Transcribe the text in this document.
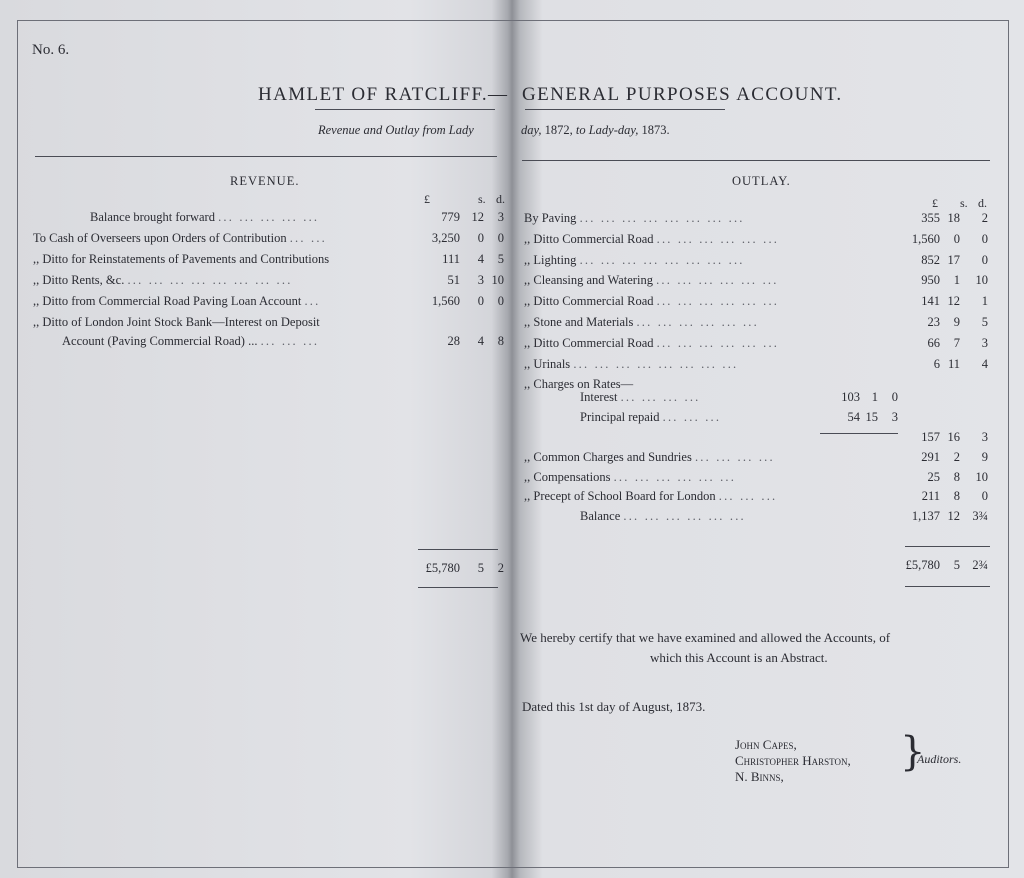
No. 6.
HAMLET OF RATCLIFF.— GENERAL PURPOSES ACCOUNT.
Revenue and Outlay from Lady	day, 1872, to Lady-day, 1873.
REVENUE.
£	s. d.
Balance brought forward ... ... ... ... ...	779 12	3
To Cash of Overseers upon Orders of Contribution ... ...	3,250	0	0
,, Ditto for Reinstatements of Pavements and Contributions	111	4	5
,, Ditto Rents, &c. ... ... ... ... ... ... ... ...	51	3 10
,, Ditto from Commercial Road Paving Loan Account ...	1,560	0	0
,, Ditto of London Joint Stock Bank—Interest on Deposit
Account (Paving Commercial Road) ... ... ... ...	28	4	8
£5,780	5	2
OUTLAY.
£ s. d.
By Paving ... ... ... ... ... ... ... ...	355 18	2
,, Ditto Commercial Road ... ... ... ... ... ...	1,560	0	0
,, Lighting ... ... ... ... ... ... ... ...	852 17	0
,, Cleansing and Watering ... ... ... ... ... ...	950	1	10
,, Ditto Commercial Road ... ... ... ... ... ...	141 12	1
,, Stone and Materials ... ... ... ... ... ...	23	9	5
,, Ditto Commercial Road ... ... ... ... ... ...	66	7	3
,, Urinals ... ... ... ... ... ... ... ...	6 11	4
,, Charges on Rates—
Interest ... ... ... ...	103 1	0
Principal repaid ... ... ...	54 15	3
157 16	3
,, Common Charges and Sundries ... ... ... ...	291	2	9
,, Compensations ... ... ... ... ... ...	25	8	10
,, Precept of School Board for London ... ... ...	211	8	0
Balance ... ... ... ... ... ...	1,137 12 3¾
£5,780	5 2¾
We hereby certify that we have examined and allowed the Accounts, of
which this Account is an Abstract.
Dated this 1st day of August, 1873.
John Capes,
Christopher Harston,
N. Binns,
}
Auditors.
